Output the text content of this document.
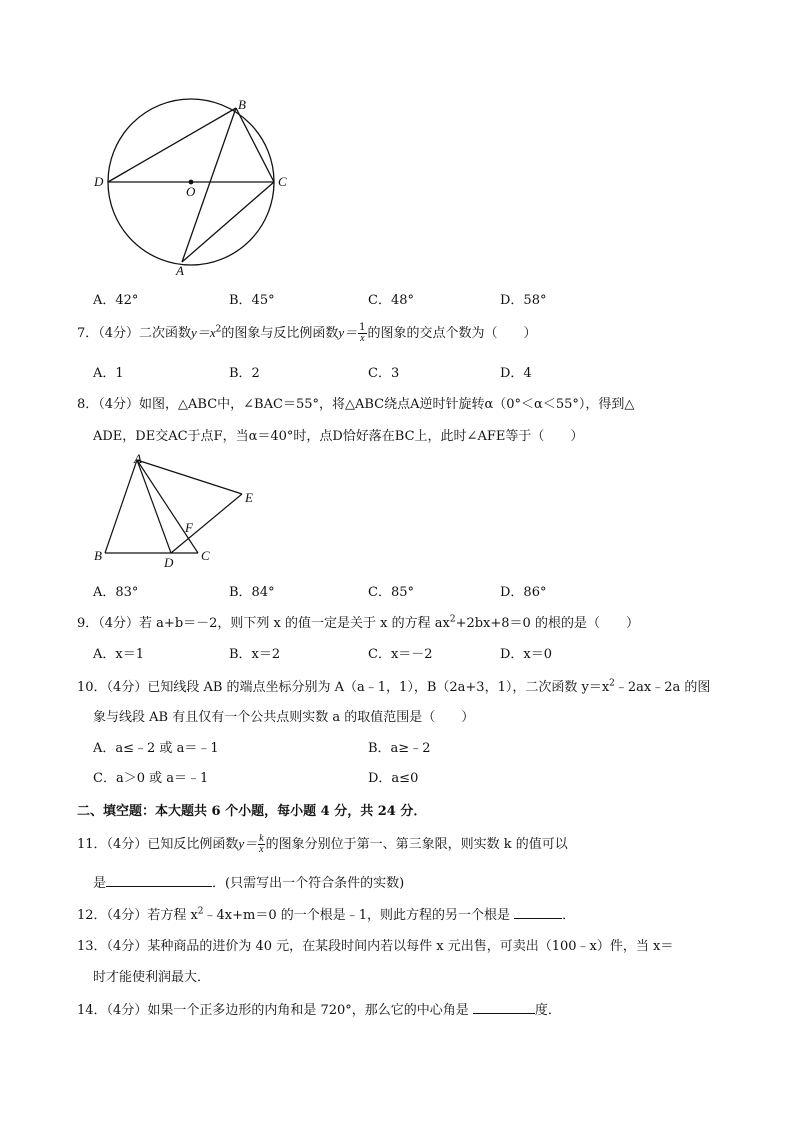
B
D
O
C
A
A．42°	B．45°	C．48°	D．58°
7．（4分）二次函数$y=x^2$的图象与反比例函数$y= \frac{1}{x}$ 的图象的交点个数为（　　）
A．1	B．2	C．3	D．4
8．（4分）如图，△ABC中，∠BAC＝55°，将△ABC绕点A逆时针旋转α（0°＜α＜55°），得到△
ADE，DE交AC于点F，当α＝40°时，点D恰好落在BC上，此时∠AFE等于（　　）
A
E
F
B	D C
A．83°	B．84°	C．85°	D．86°
9．（4分）若 a+b＝－2，则下列 x 的值一定是关于 x 的方程 $ax^2+2bx+8=0$ 的根的是（　　）
A．x＝1	B．x＝2	C．x＝－2	D．x＝0
10．（4分）已知线段 AB 的端点坐标分别为 A（a﹣1，1），B（2a+3，1），二次函数 $y=x^2﹣2ax﹣2a$ 的图
象与线段 AB 有且仅有一个公共点则实数 a 的取值范围是（　　）
A．a≤﹣2 或 a＝﹣1	B．a≥﹣2
C．a＞0 或 a＝﹣1	D．a≤0
二、填空题：本大题共 6 个小题，每小题 4 分，共 24 分．
11．（4分）已知反比例函数$y= \frac{k}{x}$ 的图象分别位于第一、第三象限，则实数 k 的值可以
是	．(只需写出一个符合条件的实数)
12．（4分）若方程 $x^2﹣4x+m=0$ 的一个根是﹣1，则此方程的另一个根是	．
13．（4分）某种商品的进价为 40 元，在某段时间内若以每件 x 元出售，可卖出（100﹣x）件，当 x＝
时才能使利润最大．
14．（4分）如果一个正多边形的内角和是 720°，那么它的中心角是	度．
